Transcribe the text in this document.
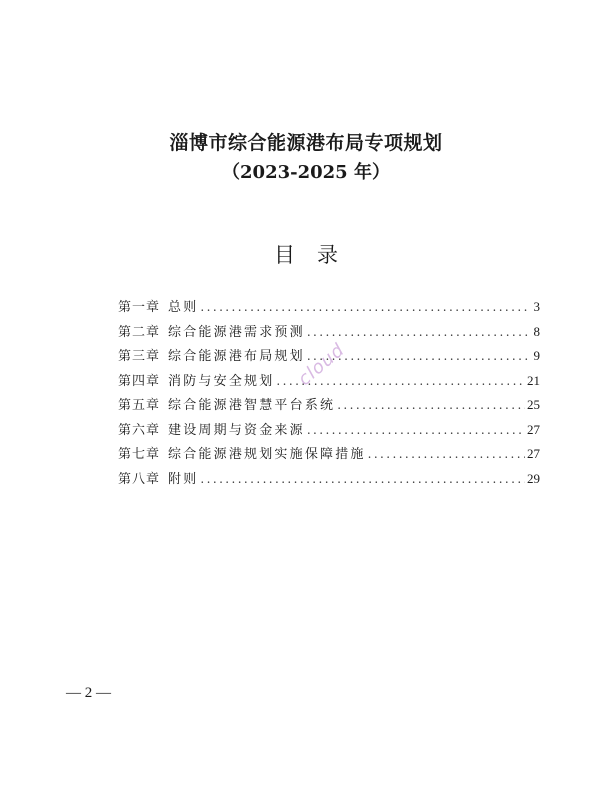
淄博市综合能源港布局专项规划
（2023-2025 年）
目录
第一章 总则 .....	3
第二章 综合能源港需求预测 .....	8
第三章 综合能源港布局规划 .....	9
第四章 消防与安全规划 .....	21
第五章 综合能源港智慧平台系统 .....	25
第六章 建设周期与资金来源 .....	27
第七章 综合能源港规划实施保障措施 .....	27
第八章 附则 .....	29
cloud
— 2 —
